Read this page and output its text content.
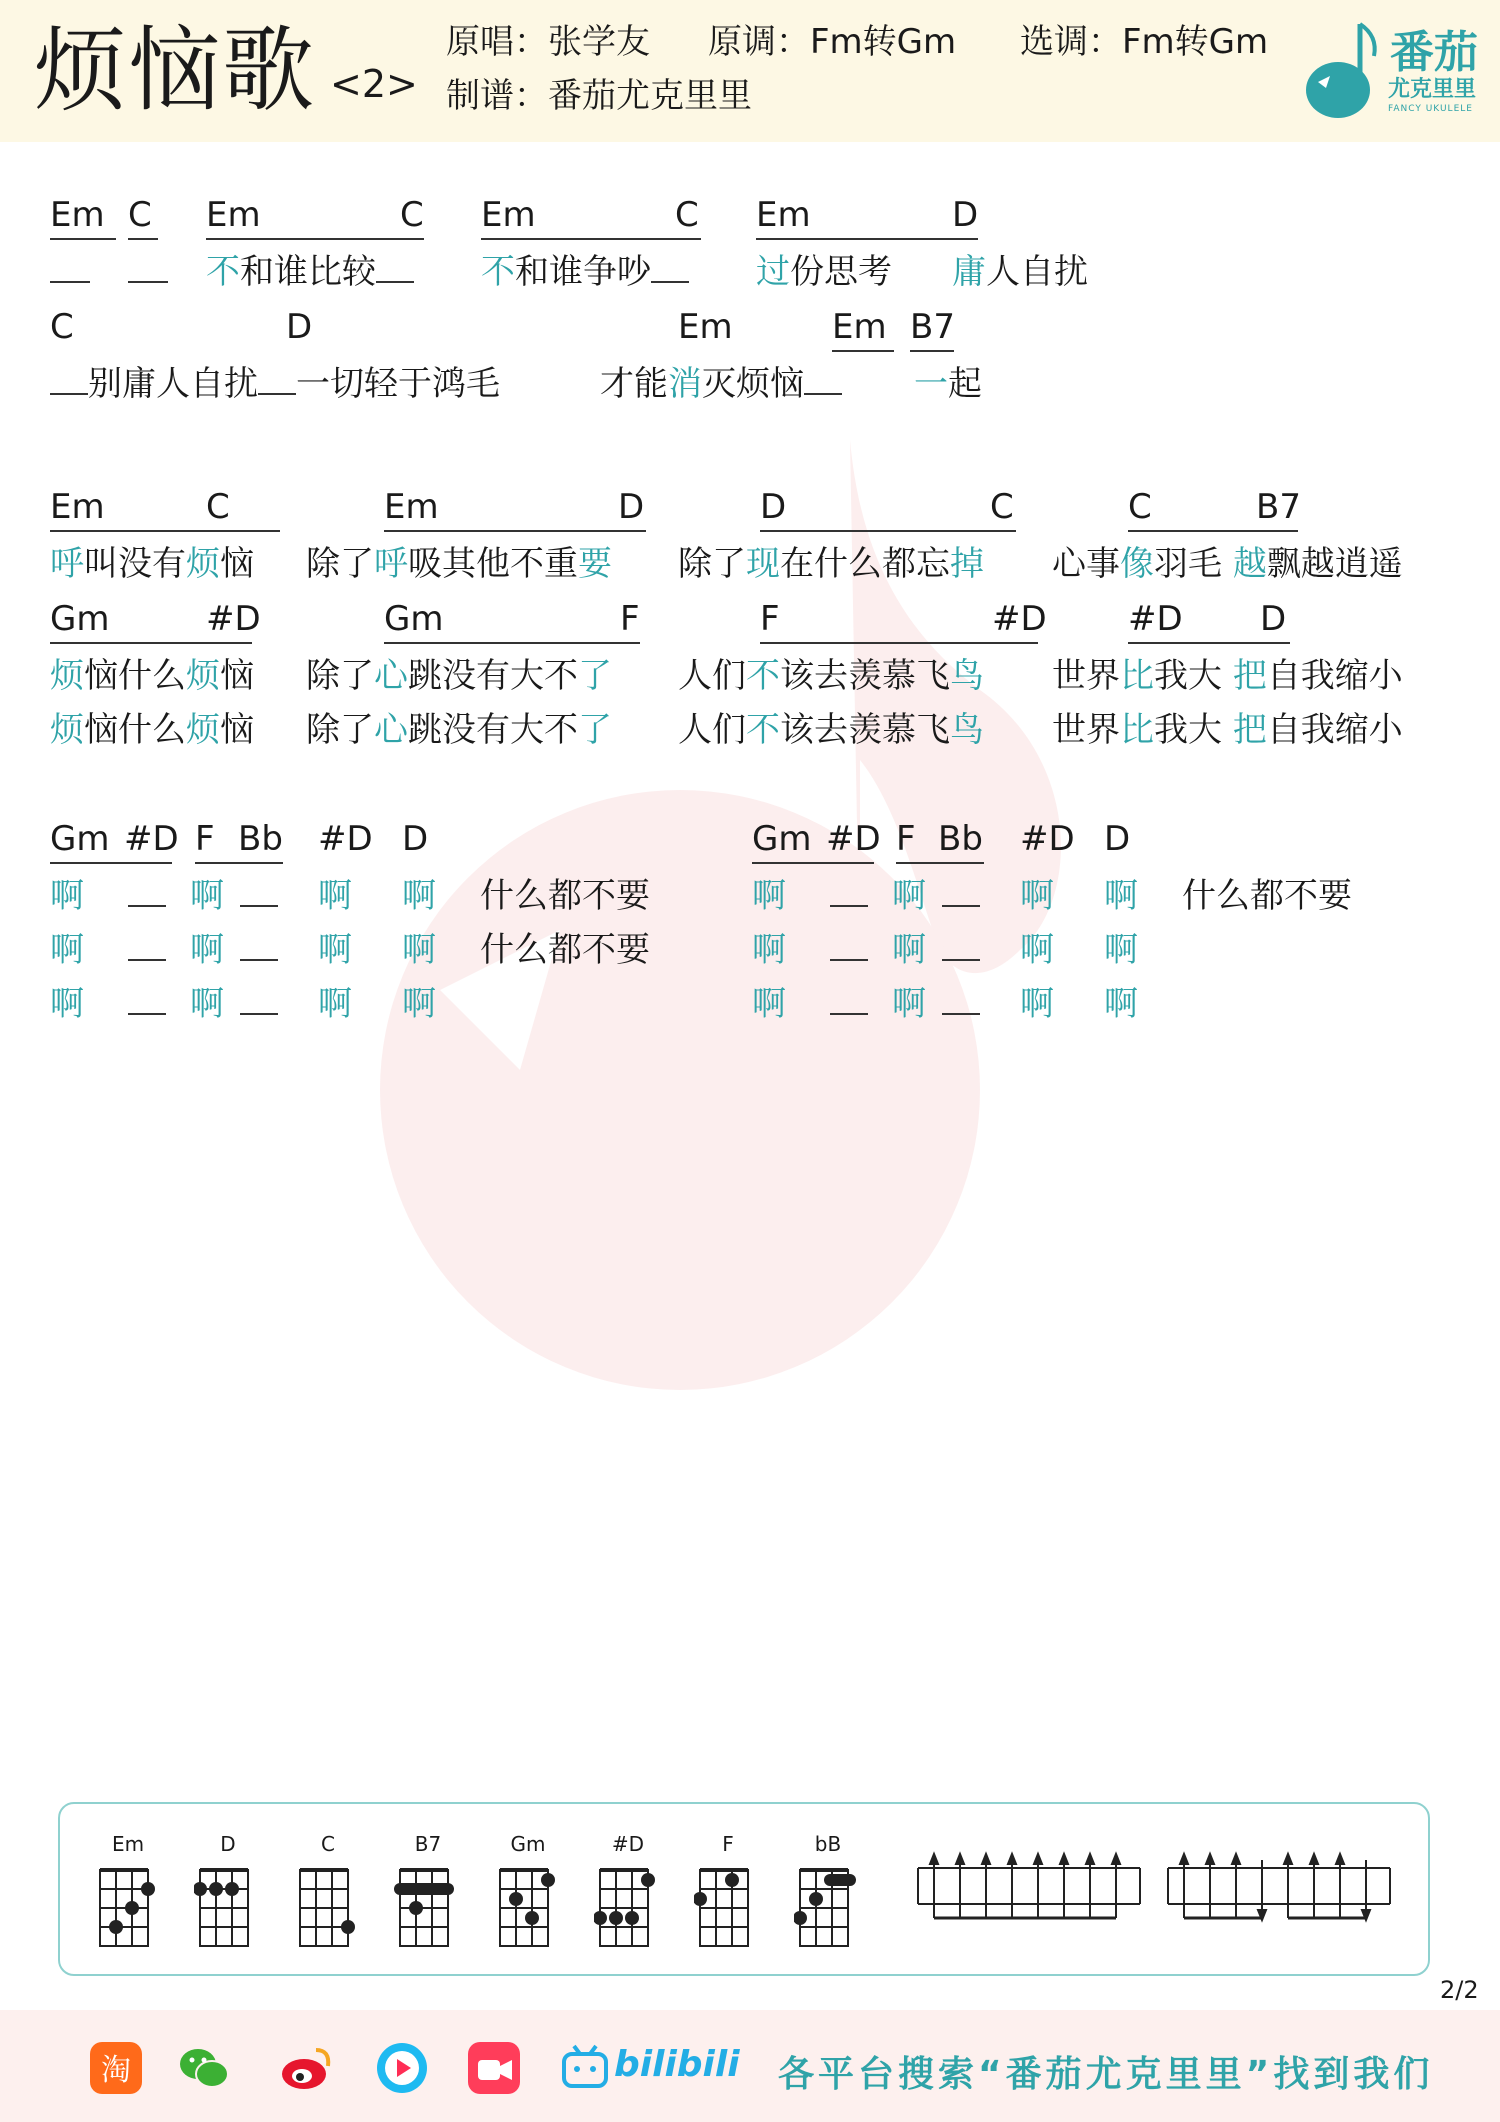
烦恼歌 <2>
原唱：张学友 原调：Fm转Gm 选调：Fm转Gm
制谱：番茄尤克里里
番茄
尤克里里
FANCY UKULELE
Em C Em	C Em	C Em	D
不和谁比较	不和谁争吵	过份思考 庸人自扰
C	D	Em	Em B7
别庸人自扰 一切轻于鸿毛	才能消灭烦恼	一起
Em	C	Em	D	D	C	C	B7
呼叫没有烦恼 除了呼吸其他不重要 除了现在什么都忘掉 心事像羽毛 越飘越逍遥
Gm	#D	Gm	F	F	#D #D	D
烦恼什么烦恼 除了心跳没有大不了 人们不该去羡慕飞鸟 世界比我大 把自我缩小
烦恼什么烦恼 除了心跳没有大不了 人们不该去羡慕飞鸟 世界比我大 把自我缩小
Gm #D F Bb #D D	Gm #D F Bb #D D
啊	啊	啊 啊 什么都不要	啊	啊	啊 啊 什么都不要
啊	啊	啊 啊 什么都不要	啊	啊	啊 啊
啊	啊	啊 啊	啊	啊	啊 啊
Em	D	C	B7	Gm	#D	F	bB
2/2
淘	bilibili 各平台搜索“番茄尤克里里”找到我们
